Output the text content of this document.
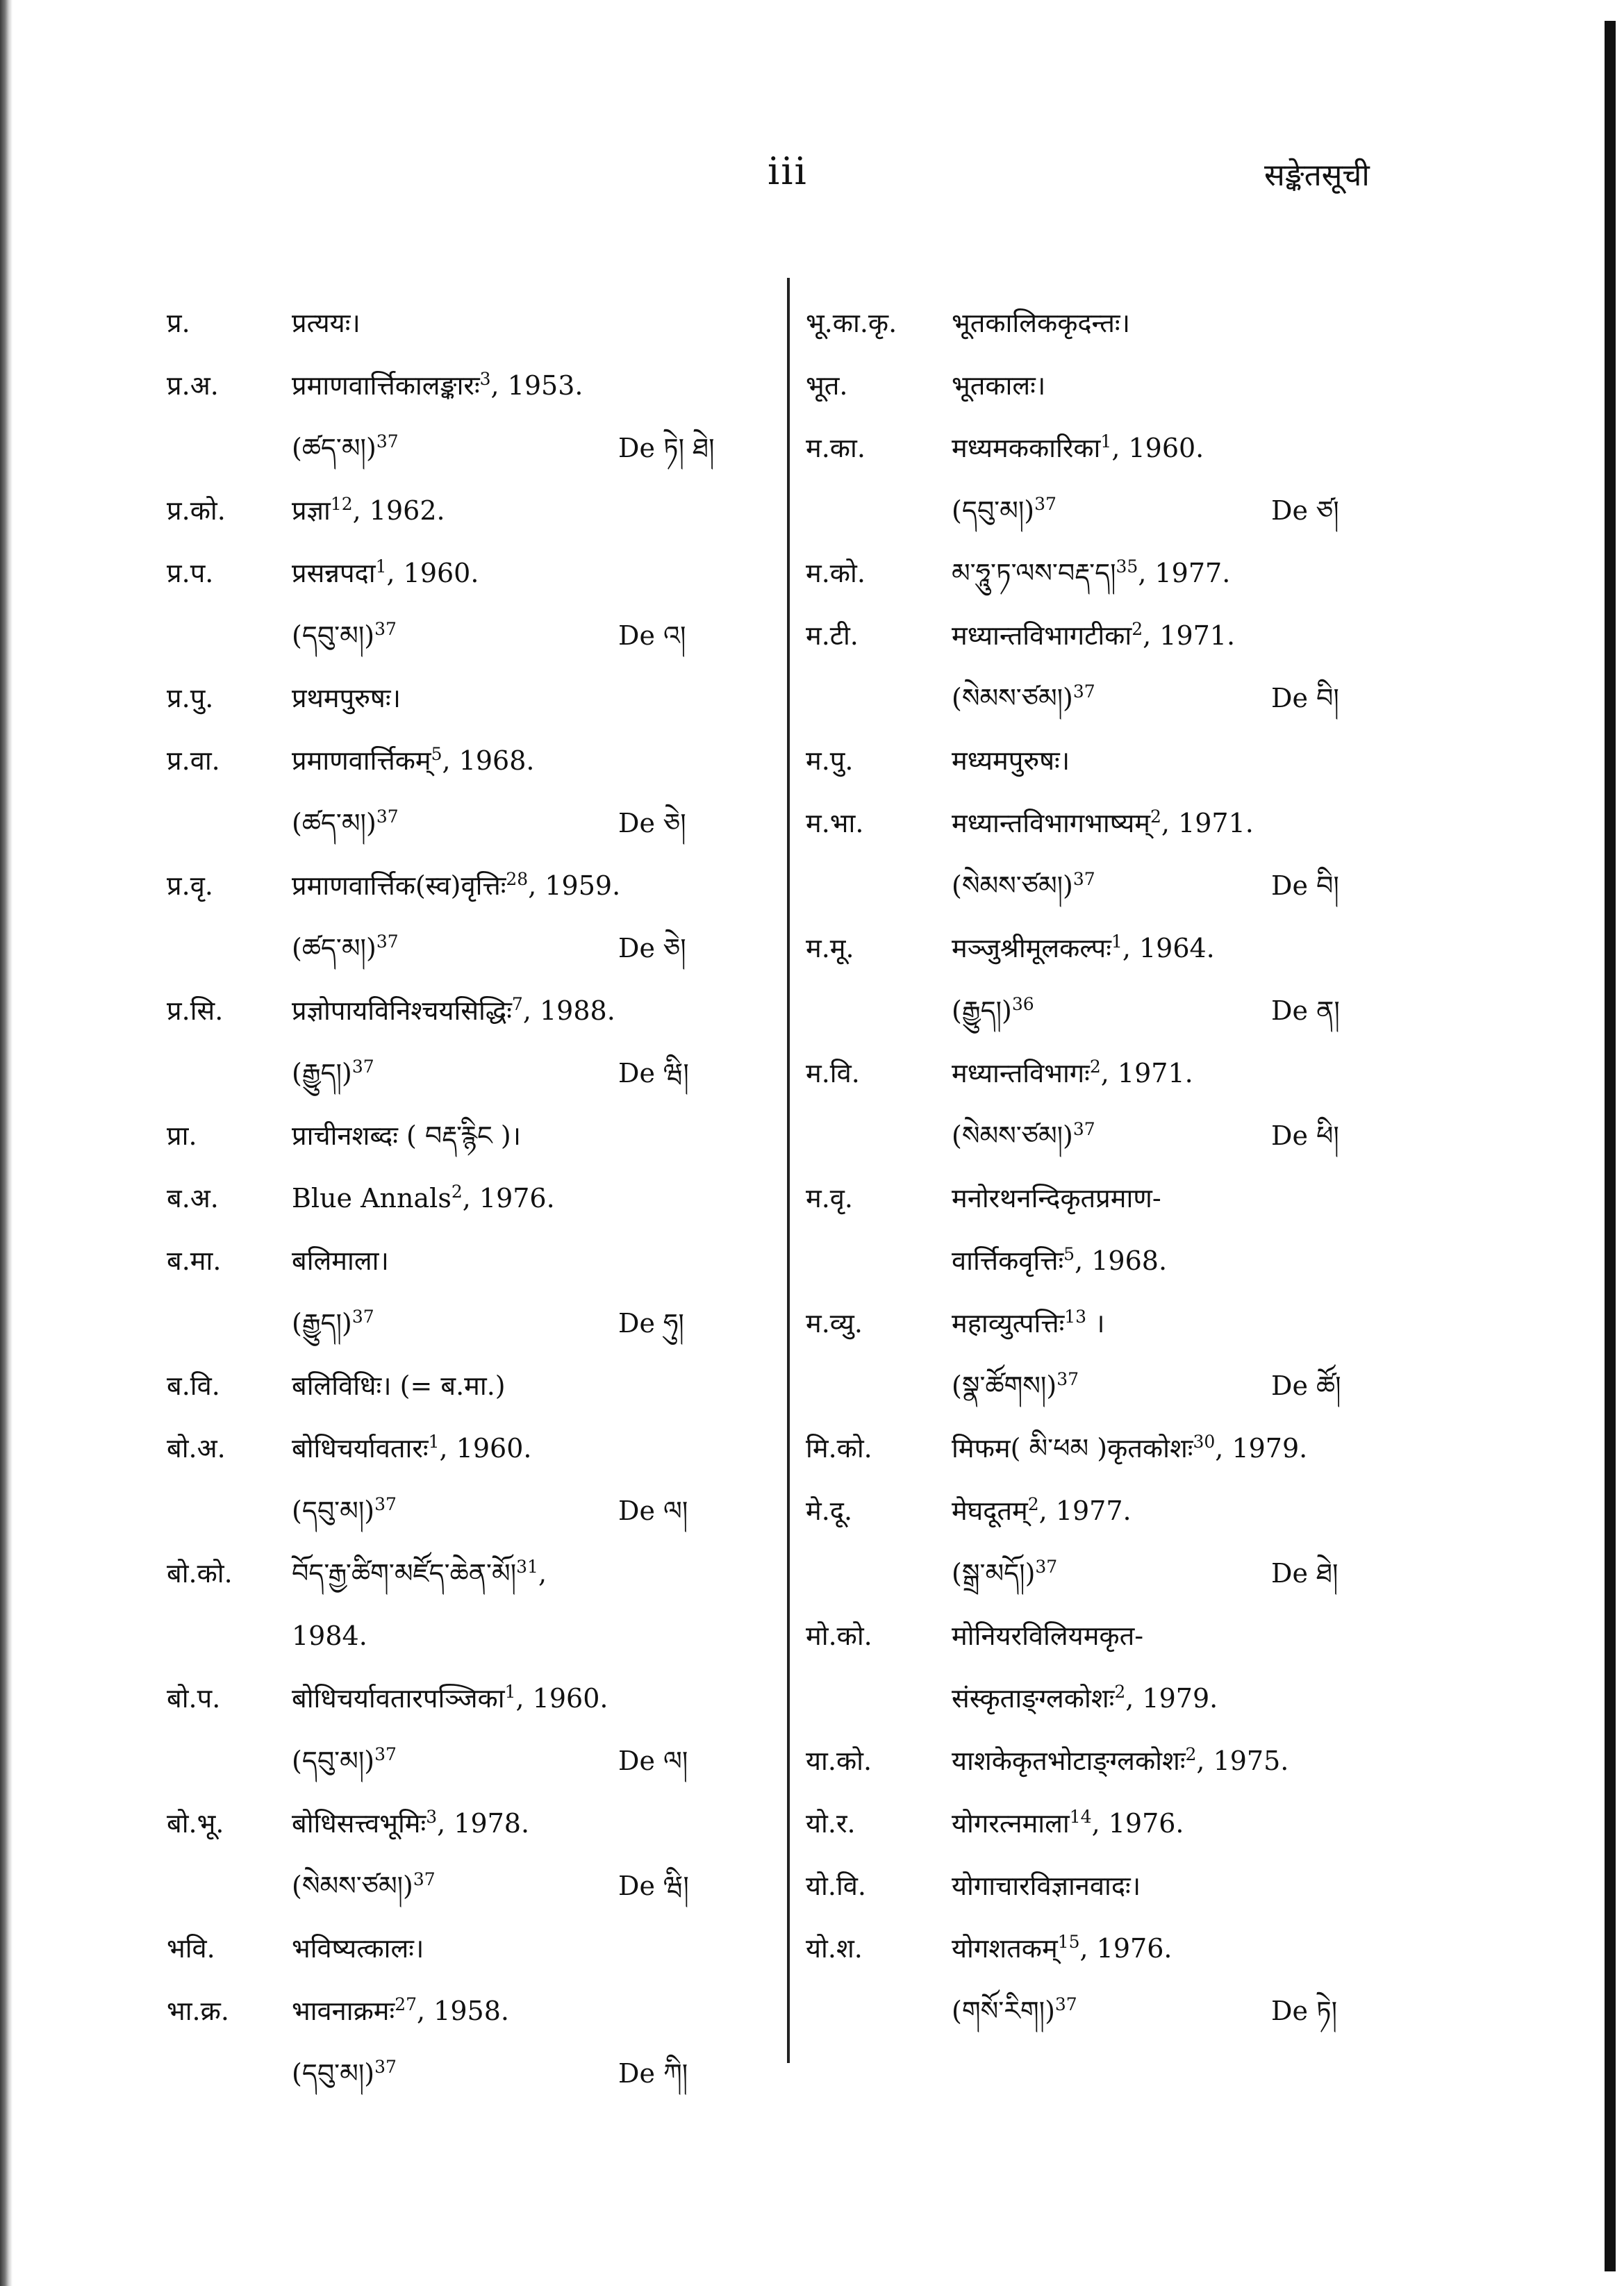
iii	सङ्केतसूची
प्र.	प्रत्ययः।
प्र.अ.	प्रमाणवार्त्तिकालङ्कारः$^3$, 1953.
(ཚད་མ།)$^{37}$	De ཏེ། ཐེ།
प्र.को.	प्रज्ञा$^{12}$, 1962.
प्र.प.	प्रसन्नपदा$^1$, 1960.
(དབུ་མ།)$^{37}$	De འ།
प्र.पु.	प्रथमपुरुषः।
प्र.वा.	प्रमाणवार्त्तिकम्$^5$, 1968.
(ཚད་མ།)$^{37}$	De ཅེ།
प्र.वृ.	प्रमाणवार्त्तिक(स्व)वृत्तिः$^{28}$, 1959.
(ཚད་མ།)$^{37}$	De ཅེ།
प्र.सि.	प्रज्ञोपायविनिश्चयसिद्धिः$^7$, 1988.
(རྒྱུད།)$^{37}$	De ཝི།
प्रा.	प्राचीनशब्दः ( བརྡ་རྙིང )।
ब.अ.	Blue Annals$^2$, 1976.
ब.मा.	बलिमाला।
(རྒྱུད།)$^{37}$	De ཧུ།
ब.वि.	बलिविधिः। (= ब.मा.)
बो.अ.	बोधिचर्यावतारः$^1$, 1960.
(དབུ་མ།)$^{37}$	De ལ།
बो.को. བོད་རྒྱ་ཚིག་མཛོད་ཆེན་མོ།$^{31}$,
1984.
बो.प.	बोधिचर्यावतारपञ्जिका$^1$, 1960.
(དབུ་མ།)$^{37}$	De ལ།
बो.भू.	बोधिसत्त्वभूमिः$^3$, 1978.
(སེམས་ཙམ།)$^{37}$	De ཝི།
भवि.	भविष्यत्कालः।
भा.क्र. भावनाक्रमः$^{27}$, 1958.
(དབུ་མ།)$^{37}$	De ཀི།
भू.का.कृ. भूतकालिककृदन्तः।
भूत.	भूतकालः।
म.का.	मध्यमककारिका$^1$, 1960.
(དབུ་མ།)$^{37}$	De ཙ།
म.को.	མ་ཧཱུ་ཏ་ལས་བརྡ་ད།$^{35}$, 1977.
म.टी.	मध्यान्तविभागटीका$^2$, 1971.
(སེམས་ཙམ།)$^{37}$	De བི།
म.पु.	मध्यमपुरुषः।
म.भा.	मध्यान्तविभागभाष्यम्$^2$, 1971.
(སེམས་ཙམ།)$^{37}$	De བི།
म.मू.	मञ्जुश्रीमूलकल्पः$^1$, 1964.
(རྒྱུད།)$^{36}$	De ན།
म.वि.	मध्यान्तविभागः$^2$, 1971.
(སེམས་ཙམ།)$^{37}$	De ཕི།
म.वृ.	मनोरथनन्दिकृतप्रमाण-
वार्त्तिकवृत्तिः$^5$, 1968.
म.व्यु.	महाव्युत्पत्तिः$^{13}$ ।
(སྣ་ཚོགས།)$^{37}$	De ཚོ།
मि.को.	मिफम( མི་ཕམ )कृतकोशः$^{30}$, 1979.
मे.दू.	मेघदूतम्$^2$, 1977.
(སྒྲ་མདོ།)$^{37}$	De ཐེ།
मो.को.	मोनियरविलियमकृत-
संस्कृताङ्ग्लकोशः$^2$, 1979.
या.को.	याशकेकृतभोटाङ्ग्लकोशः$^2$, 1975.
यो.र.	योगरत्नमाला$^{14}$, 1976.
यो.वि.	योगाचारविज्ञानवादः।
यो.श.	योगशतकम्$^{15}$, 1976.
(གསོ་རིག།)$^{37}$	De ཏེ།
